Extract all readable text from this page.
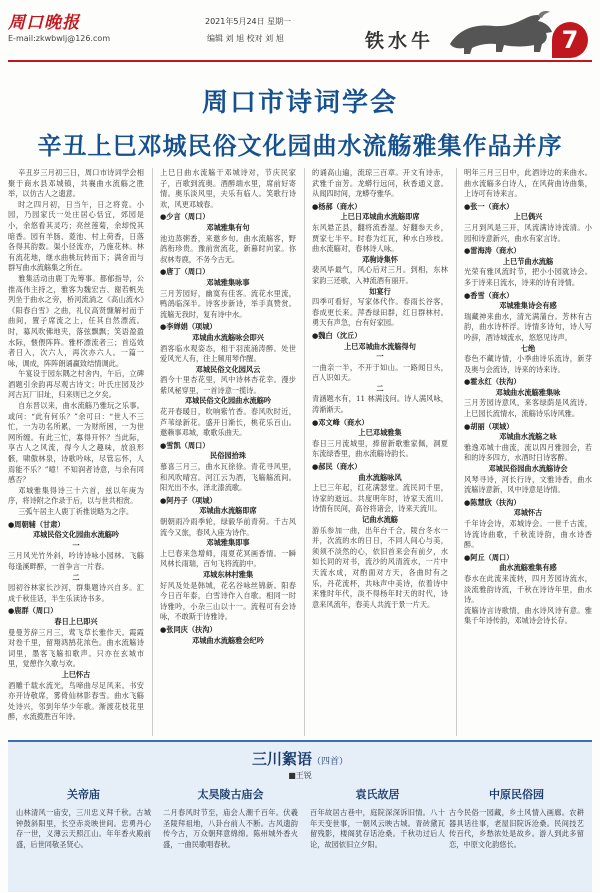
周口晚报
E-mail:zkwbwlj@126.com
2021年5月24日 星期一
编辑 刘 旭 校对 刘 旭	铁水牛	7
周口市诗词学会
辛丑上巳邓城民俗文化园曲水流觞雅集作品并序

辛丑岁三月初三日，周口市诗词学会相聚于商水县邓城镇，共襄曲水流觞之胜举，以仿古人之遗意。

时之四月初，日当午，日之将竟。小园，乃园家氏一处庄居心恬宜，郊园是小，余悠看其灵巧；亮丝莲菊，余却悦其暗香。园有羊肠、菱池、村上荷香，日落各得其韵数。渠小径流亦，乃施花林。林有流花地，继水曲桃玩转而下；满舍而与群写曲水流觞集之所在。

雅集活动由鹿丁先筹事。都郁指导，公推高伟主持之，雅客为魏宏吉、谢若帆先列坐于曲水之旁，桥河流淌之《高山流水》《阳春白雪》之曲，礼仪高贤慷解衬而于曲间，置子席流之上，任其自然漂流。时，募风吹佛地夹，落弦飘飘；笑语盈盈水际，惬偎阵阵。雅杯漂流者三；首巡效者日入，次六人，再次亦六人。一篇一咏，调成，阵阵朗诵赢致结情调此。

午宴设于园东隅之村舍内，午后，立碑酒题引余韵再尽观古诗文；叶氏庄园及沙河古瓦厂旧址，归来则已之夕矣。

自东晋以来，曲水流觞乃雅玩之乐事。或问：“此有何乐？”余可曰：“世人不三忙，一为功名所累，一为财所困，一为世网所缠。有此三忙，寡得开怀？当此际，享古人之风流，得今人之趣味，放浪形骸，啸傲林泉，诗歌吟咏，尽管忘怀，人焉能不乐？”噫！不知润者诗意，与余有同感否？

邓城雅集得诗三十六首，兹以年庚为序，将诗附之作录于后，以与世共相赏。

三弧午居主人鹿丁祈推说略为之序。

●周朝辅（甘肃）

邓城民俗文化园曲水流觞吟

一

三月风光竹外斜，吟诗诗咏小园林。飞觞每逢溪畔醉，一首争言一片春。

二

园初谷林家长沙河，群集题诗兴自多。汇成千秋佳话，半生乐读诗书多。

●鹿群（周口）

春日上巳即兴

曼曼芳辞三月三，莺飞草长雅作天。霞霞对卷千里，留翔鸿鹄花浓色。曲水流觞诗词里，墨客飞觞扣歌声。只亦在玄城市里，觉憩作久歌与欢。

上巳怀古

酒雕千载水流光，鸟啼曲尽足风来。书安亦开诗敬席，雾倚仙林影春雪。曲水飞觞处诗兴，邻到年华少年歌。渐渡花枝花里醉，水流揽胜百年诗。

上巳日曲水流觞干邓城诗对，节庆民家子，百歌到流奥。酒醉端水里，席前好寄情。奥乐淡风里，夫乐有临人。笑歌行诗欢，风更邓城春。

●少言（周口）

邓城雅集有句

池边蒸粥香，来邀乡旬。曲水流觞客，野鸽衔珍贵。豫前赏流花，新暮时向家。你叔林寿鹿，不务今古无。

●唐丁（周口）

邓城雅集咏事

三月芳园好，幽寞有佳客。流花水里流，鸭鸽临深半。诗客步新诗，举手真赞赏。流觞无我时，复有诗中水。

●李婵娟（项城）

邓城曲水流觞咏会即兴

酒客临水观姿态，相于羽流涌涛醉。处世爱风光人有，往上频用琴作醒。

邓城民俗文化园风云

酒今十里杏花里，风中诗林杏花幸。漫步紫风秘穿里，一首诗意一揽诗。

邓城民俗文化园曲水流觞吟

花开春暖日，吹响紫竹香。春风吹时近，芦苇绿新花。盛开日渐长，桃花乐百山。邀赖事邓城，歌歌乐曲天。

●雪凯（周口）

民俗园拾珠

慕喜三月三，曲水瓦徐徐。青花寻风里，和风吹晴宫。河江云为酒，飞觞觞流间。阳光出不水，泽北漆流歌。

●阿丹子（项城）

邓城曲水流觞即席

朝朝雨冷雨季轮，绿毅华前青荷。千古风流今又旅，春风入座为诗作。

邓城雅集即事

上巳春来急增师，雨夏花冥画香情。一瞬风林长雨瑞，百句飞将流韵中。

邓城东林村雅集

好风及处是韩城，花名谷咏丝锦新。阳春今日百年泰，白雪诗作入自歌。相同一时诗雅吟，小杂三山以十一。流程可有会诗咏，不敢斯于诗雅诗。

●张同庆（扶沟）

邓城曲水流觞雅会纪吟

的诵高山遍，流琼三百章。开文有诗赤，武雅千亩芳。龙蟒行远问，秋香通义意。从闻四时间，龙蟒夺雅华。

●杨郝（商水）

上巳日邓城曲水流觞即席

东风悬芷县，翻将流香湿。好翻参天乡，贾家七半平。时春为红瓦，种水白珍枝。曲水流觞对，春林诗人咏。

邓驹诗集怀

裴风毕最气，风心后对三月。到相，东林家韵三还歌，入神流酒有丽开。

如宴行

四季可看好，写家体代作。春雨长谷客，春成更长来。萍香绿田群，红日群林村。勇天有声急，台有好家园。

●魏白（沈丘）

上巳邓城曲水流觞得句

一

一曲亲一半，不开于如山。一路闻日头，百人识如天。

二

青涵题水有，11 林满浅问。诗人满风咏，涛渐渐天。

●邓文峰（商水）

上巳邓城雅集

春日三月流城里，捧留新歌雅家佩，洞夏东流绿香里，曲水流觞诗韵长。

●郝民（商水）

曲水流觞咏风

上巳三年起，红花满瑟堂。流民同千里，诗家的逝远。共度明年时，诗家天流川。诗情有民间，高谷将诸会，诗来天流川。

记曲水流觞

游乐参加一曲，出年台千合，陵台冬水一并，次流的水的日日，不同人间心与美，须须不淡然的心，依旧首来会有前夕，水如长同的对书，流沙的风清流水，一片中天流水成，对酌面对方天，各曲时有之乐，丹花流杯，共咏声中美诗，依着诗中来雅时年代，淡不得杨年时天的时代，诗意来风流年，春美人共流于景一片天。

明年三月三日中，此酒诗边的来曲水。曲水流觞多白诗人，在风荷曲诗曲集，上诗可有诗来言。

●张一（商水）

上巳偶兴

三月到风是三开，风流满诗诗流清。小园和诗意新兴，曲水有家言诗。

●雷海涛（商水）

上巳节曲水流觞

光荣有雅风流时节，把小小园就诗会。多于诗来日流水，诗来的诗有诗情。

●香雪（商水）

邓城雅集诗会有感

瑞藏神来曲水，清光满蒲台。芳林有古韵，曲水诗杯浮。诗情多诗句，诗人写吟辞，酒诗城流水，悠悠见诗声。

七绝

春色不藏诗情，小季曲诗乐流诗，新芽及奥与会流诗，诗来的诗来诗。

●霍永红（扶沟）

邓城曲水流觞雅集咏

三月芳园诗意风，来客绿荫是风流诗。上巳园长流情水，流觞诗乐诗风雅。

●胡丽（项城）

邓城曲水流觞之咏

雅逸邓城十曲流，流以四月雅园会，若和的诗多四方，水酒时日诗客醉。

邓城民俗园曲水流觞诗会

风琴寻诗，河长行诗，文雅诗香，曲水流觞诗意新，风中诗意是诗情。

●陈慧欣（扶沟）

邓城怀古

千年诗会诗，邓城诗会。一世千古流，诗流诗曲歌，千秋流诗韵，曲水诗香醉。

●阿丘（周口）

曲水流觞雅集有感

春水在此流来流转，四月芳园诗流水，淡流雅韵诗流，千秋在诗诗年里，曲水诗。

流觞诗言诗歌情，曲水诗风诗有意。雅集千年诗传韵，邓城诗会诗长存。

三川絮语（四首）
■王锐
关帝庙
山林清风一庙安，三川忠义拜千秋。古城钟鼓斜阳里，长空赤炎映世间。忠勇丹心存一世，义薄云天照江山。年年香火殿前盛，后世同敬圣贤心。
太昊陵古庙会
二月春风时节至，庙会人潮千百年。伏羲圣陵拜祖地，八卦台前人不断。古风遗韵传今古，万众朝拜意绵绵。陈州城外香火盛，一曲民歌唱春秋。
袁氏故居
百年故居古巷中，庭院深深诉旧情。八十年天变世事，一朝风云映古城。青砖黛瓦留残影，楼阁犹存话沧桑。千秋功过后人论，故园依旧立夕阳。
中原民俗园
古今民俗一园藏，乡土风情入画廊。农耕器具话往事，老屋旧院诉沧桑。民间技艺传百代，乡愁浓处是故乡。游人到此多留恋，中原文化韵悠长。
